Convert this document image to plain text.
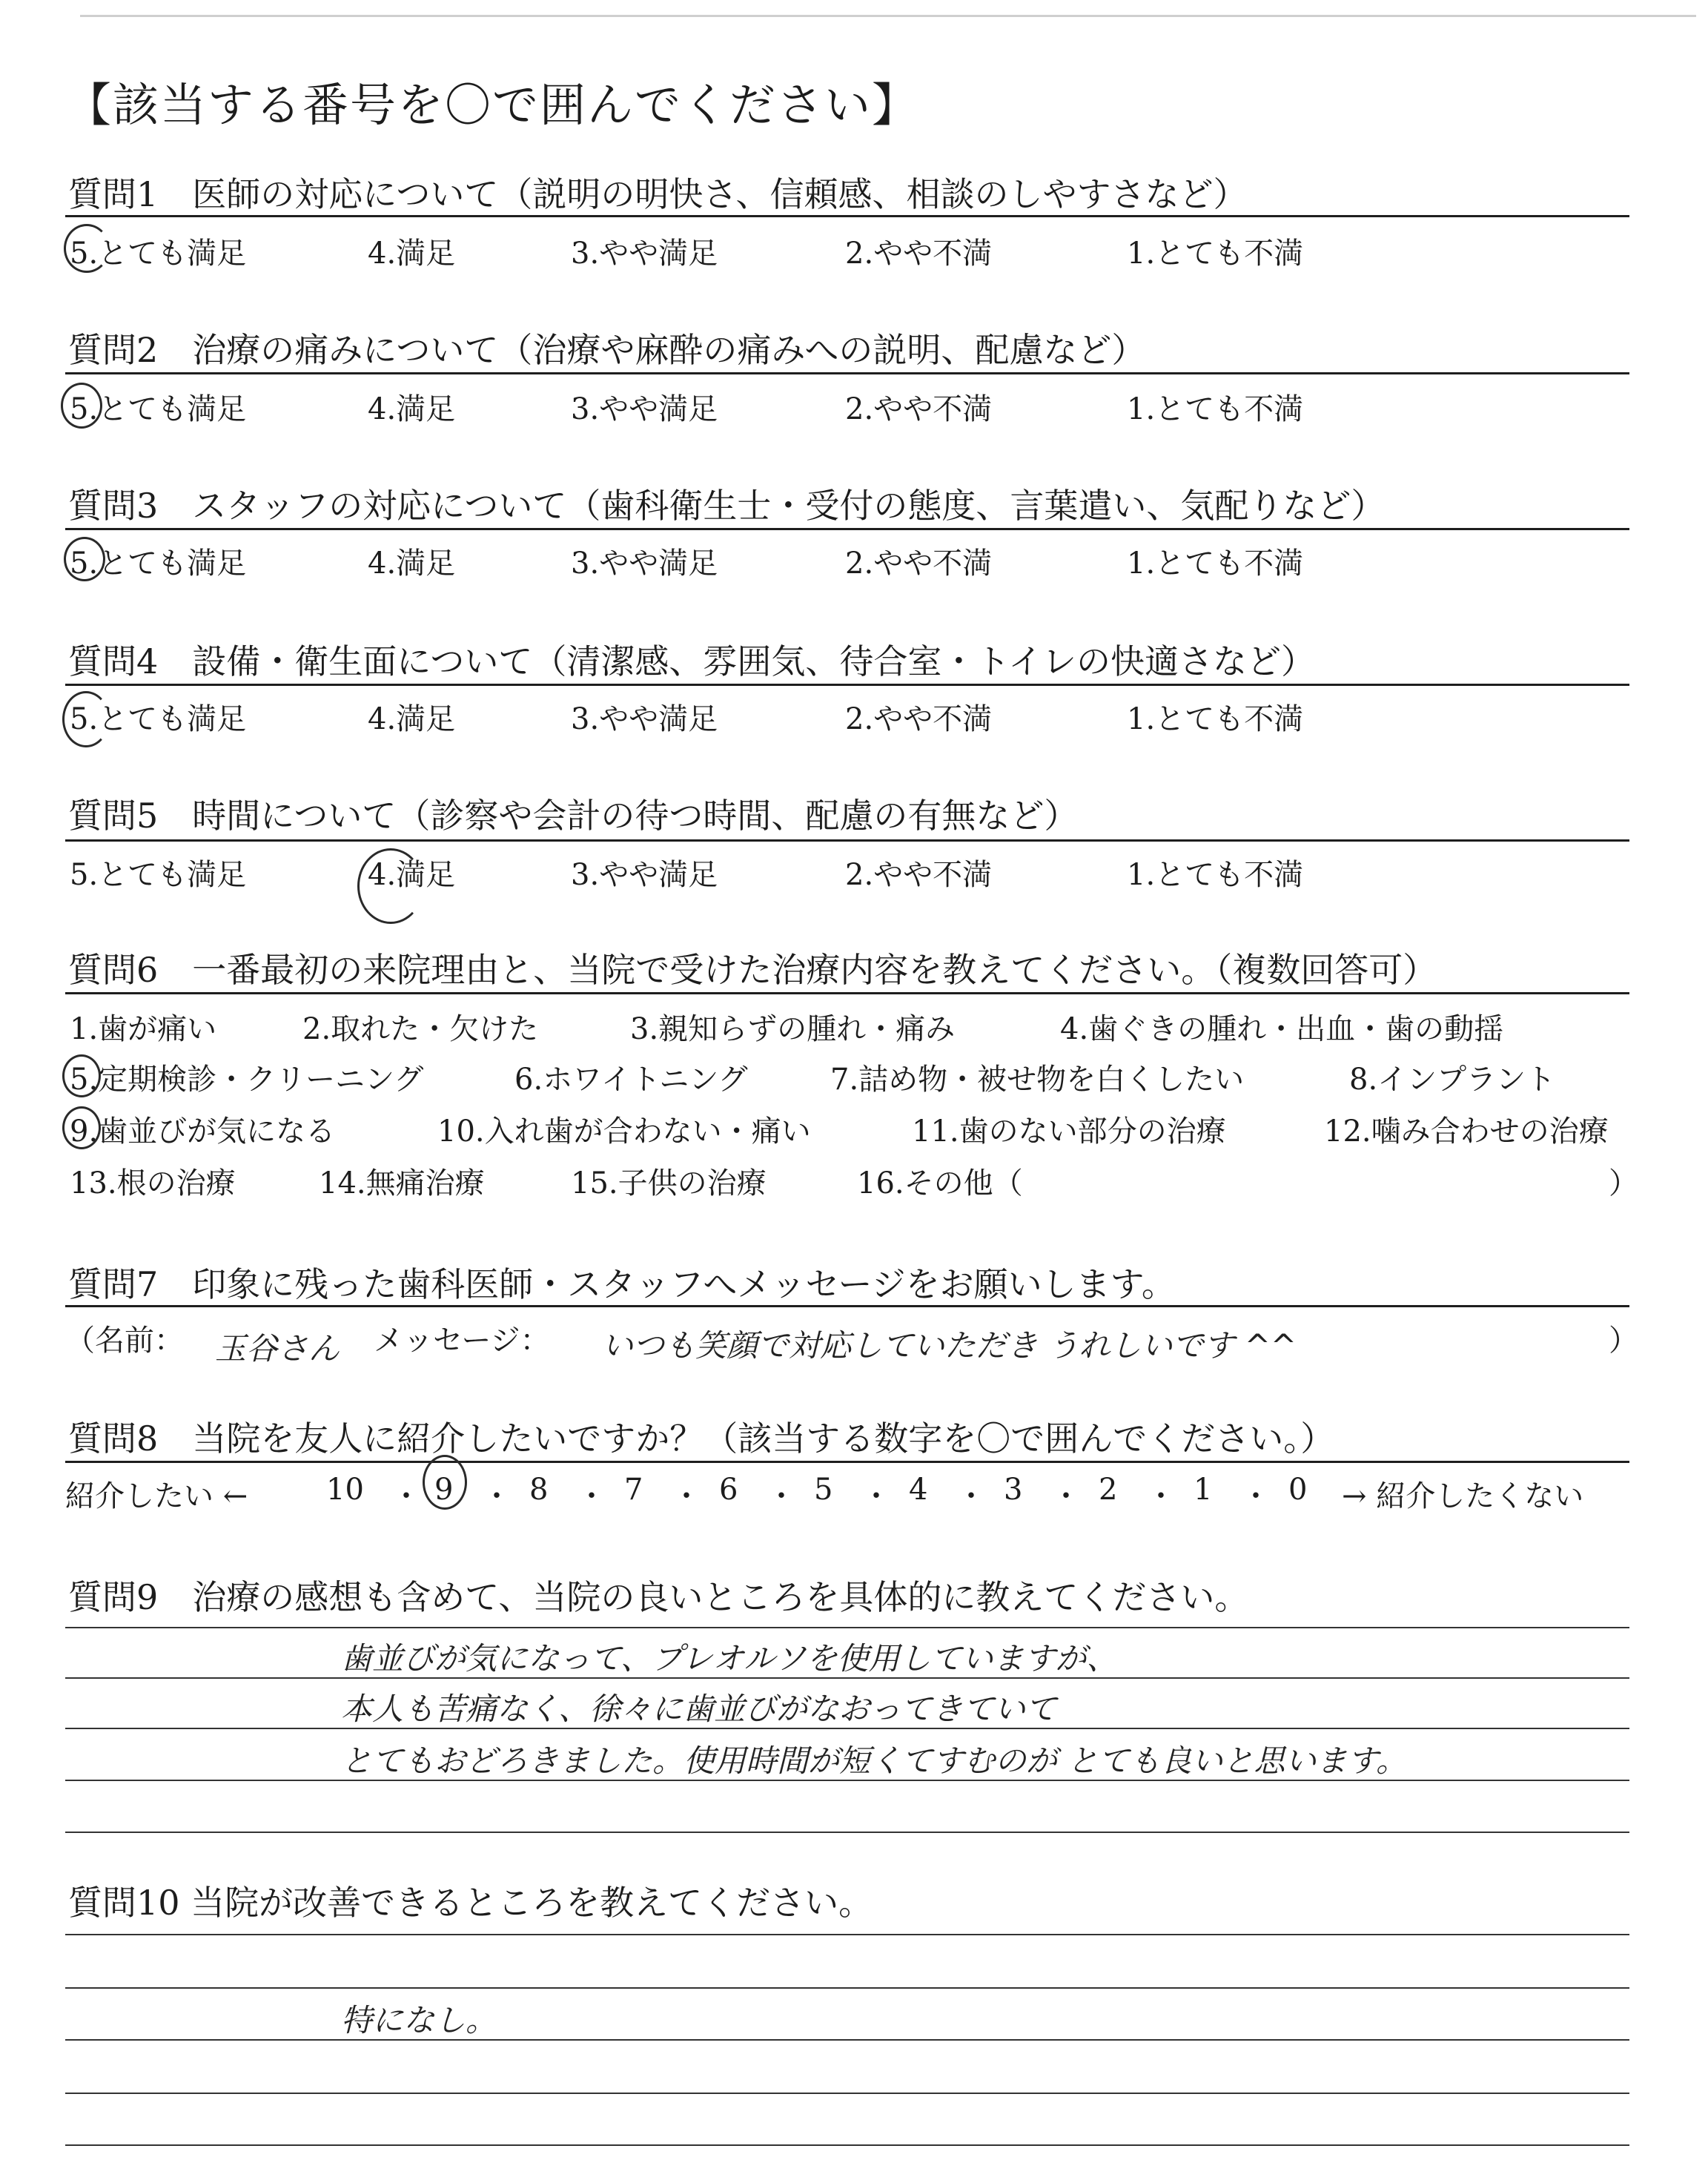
【該当する番号を〇で囲んでください】
質問1　医師の対応について（説明の明快さ、信頼感、相談のしやすさなど）
5.とても満足	4.満足	3.やや満足	2.やや不満	1.とても不満
質問2　治療の痛みについて（治療や麻酔の痛みへの説明、配慮など）
5.とても満足	4.満足	3.やや満足	2.やや不満	1.とても不満
質問3　スタッフの対応について（歯科衛生士・受付の態度、言葉遣い、気配りなど）
5.とても満足	4.満足	3.やや満足	2.やや不満	1.とても不満
質問4　設備・衛生面について（清潔感、雰囲気、待合室・トイレの快適さなど）
5.とても満足	4.満足	3.やや満足	2.やや不満	1.とても不満
質問5　時間について（診察や会計の待つ時間、配慮の有無など）
5.とても満足	4.満足	3.やや満足	2.やや不満	1.とても不満
質問6　一番最初の来院理由と、当院で受けた治療内容を教えてください。（複数回答可）
1.歯が痛い	2.取れた・欠けた	3.親知らずの腫れ・痛み	4.歯ぐきの腫れ・出血・歯の動揺
5.定期検診・クリーニング	6.ホワイトニング	7.詰め物・被せ物を白くしたい	8.インプラント
9.歯並びが気になる	10.入れ歯が合わない・痛い	11.歯のない部分の治療	12.噛み合わせの治療
13.根の治療	14.無痛治療	15.子供の治療	16.その他（	）
質問7　印象に残った歯科医師・スタッフへメッセージをお願いします。
（名前： 玉谷さん メッセージ： いつも笑顔で対応していただき うれしいです ^^	）
質問8　当院を友人に紹介したいですか？（該当する数字を〇で囲んでください。）
紹介したい ←	10 ・ 9 ・ 8 ・ 7 ・ 6 ・ 5 ・ 4 ・ 3 ・ 2 ・ 1 ・ 0 → 紹介したくない
質問9　治療の感想も含めて、当院の良いところを具体的に教えてください。
歯並びが気になって、プレオルソを使用していますが、
本人も苦痛なく、徐々に歯並びがなおってきていて
とてもおどろきました。使用時間が短くてすむのが とても良いと思います。
質問10 当院が改善できるところを教えてください。
特になし。
